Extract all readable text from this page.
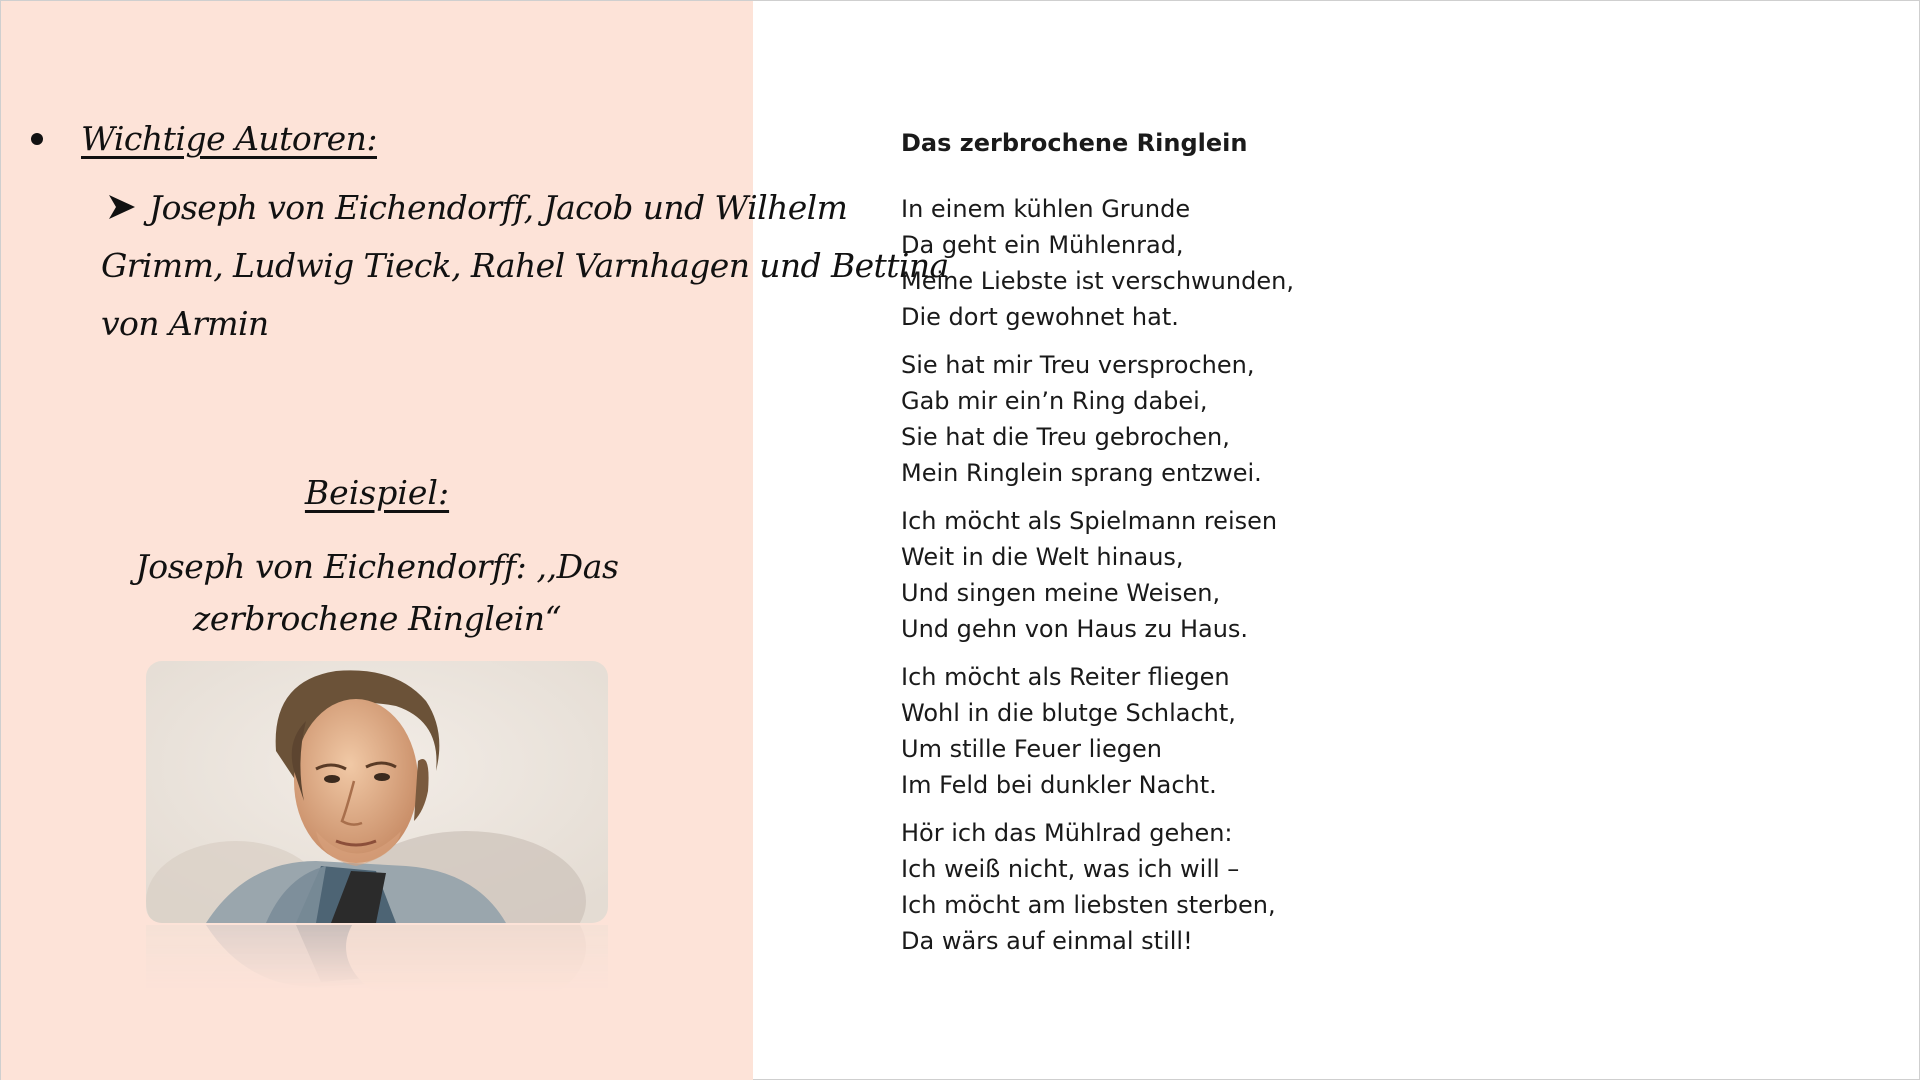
Wichtige Autoren:
Joseph von Eichendorff, Jacob und Wilhelm
Grimm, Ludwig Tieck, Rahel Varnhagen und Bettina
von Armin
Beispiel:
Joseph von Eichendorff: ,,Das
zerbrochene Ringlein“
Das zerbrochene Ringlein
In einem kühlen Grunde
Da geht ein Mühlenrad,
Meine Liebste ist verschwunden,
Die dort gewohnet hat.
Sie hat mir Treu versprochen,
Gab mir ein’n Ring dabei,
Sie hat die Treu gebrochen,
Mein Ringlein sprang entzwei.
Ich möcht als Spielmann reisen
Weit in die Welt hinaus,
Und singen meine Weisen,
Und gehn von Haus zu Haus.
Ich möcht als Reiter fliegen
Wohl in die blutge Schlacht,
Um stille Feuer liegen
Im Feld bei dunkler Nacht.
Hör ich das Mühlrad gehen:
Ich weiß nicht, was ich will –
Ich möcht am liebsten sterben,
Da wärs auf einmal still!
